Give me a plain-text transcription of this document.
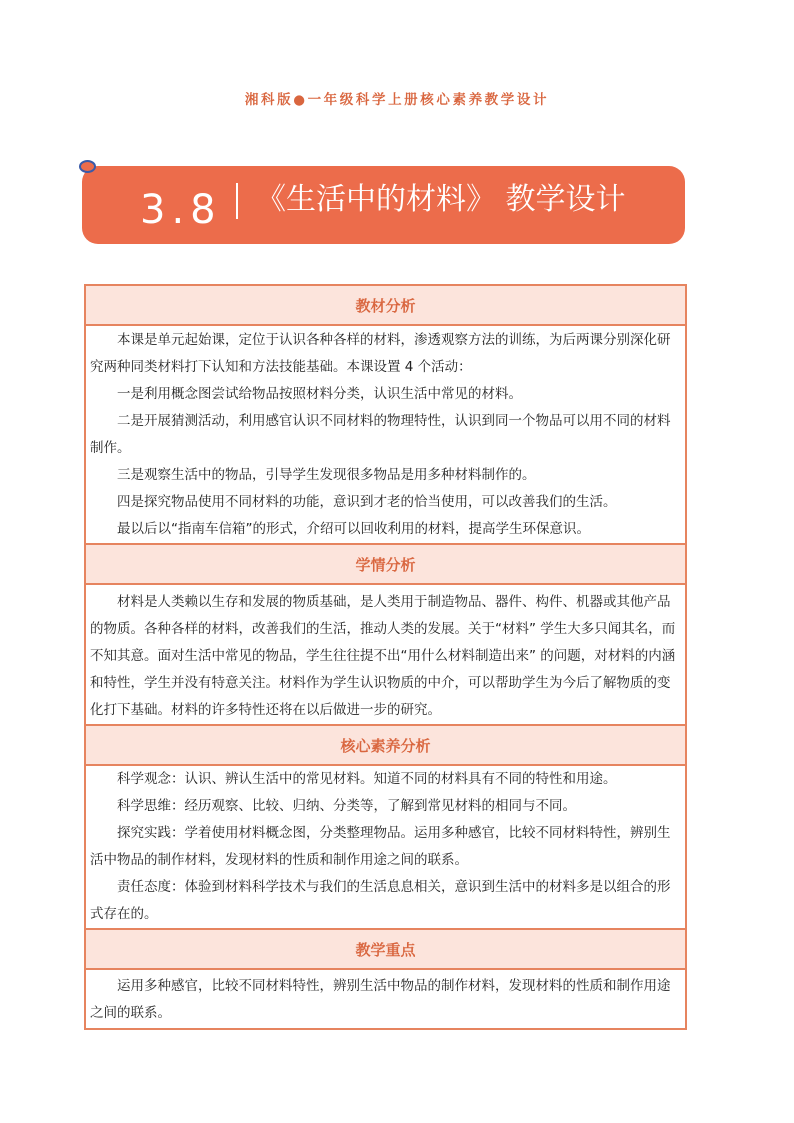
湘科版●一年级科学上册核心素养教学设计
3.8 《生活中的材料》 教学设计
教材分析

本课是单元起始课，定位于认识各种各样的材料，渗透观察方法的训练，为后两课分别深化研究两种同类材料打下认知和方法技能基础。本课设置 4 个活动：

一是利用概念图尝试给物品按照材料分类，认识生活中常见的材料。

二是开展猜测活动，利用感官认识不同材料的物理特性，认识到同一个物品可以用不同的材料制作。

三是观察生活中的物品，引导学生发现很多物品是用多种材料制作的。

四是探究物品使用不同材料的功能，意识到才老的恰当使用，可以改善我们的生活。

最以后以“指南车信箱”的形式，介绍可以回收利用的材料，提高学生环保意识。

学情分析

材料是人类赖以生存和发展的物质基础，是人类用于制造物品、器件、构件、机器或其他产品的物质。各种各样的材料，改善我们的生活，推动人类的发展。关于“材料” 学生大多只闻其名，而不知其意。面对生活中常见的物品，学生往往提不出“用什么材料制造出来” 的问题，对材料的内涵和特性，学生并没有特意关注。材料作为学生认识物质的中介，可以帮助学生为今后了解物质的变化打下基础。材料的许多特性还将在以后做进一步的研究。

核心素养分析

科学观念：认识、辨认生活中的常见材料。知道不同的材料具有不同的特性和用途。

科学思维：经历观察、比较、归纳、分类等，了解到常见材料的相同与不同。

探究实践：学着使用材料概念图，分类整理物品。运用多种感官，比较不同材料特性，辨别生活中物品的制作材料，发现材料的性质和制作用途之间的联系。

责任态度：体验到材料科学技术与我们的生活息息相关，意识到生活中的材料多是以组合的形式存在的。

教学重点

运用多种感官，比较不同材料特性，辨别生活中物品的制作材料，发现材料的性质和制作用途之间的联系。
